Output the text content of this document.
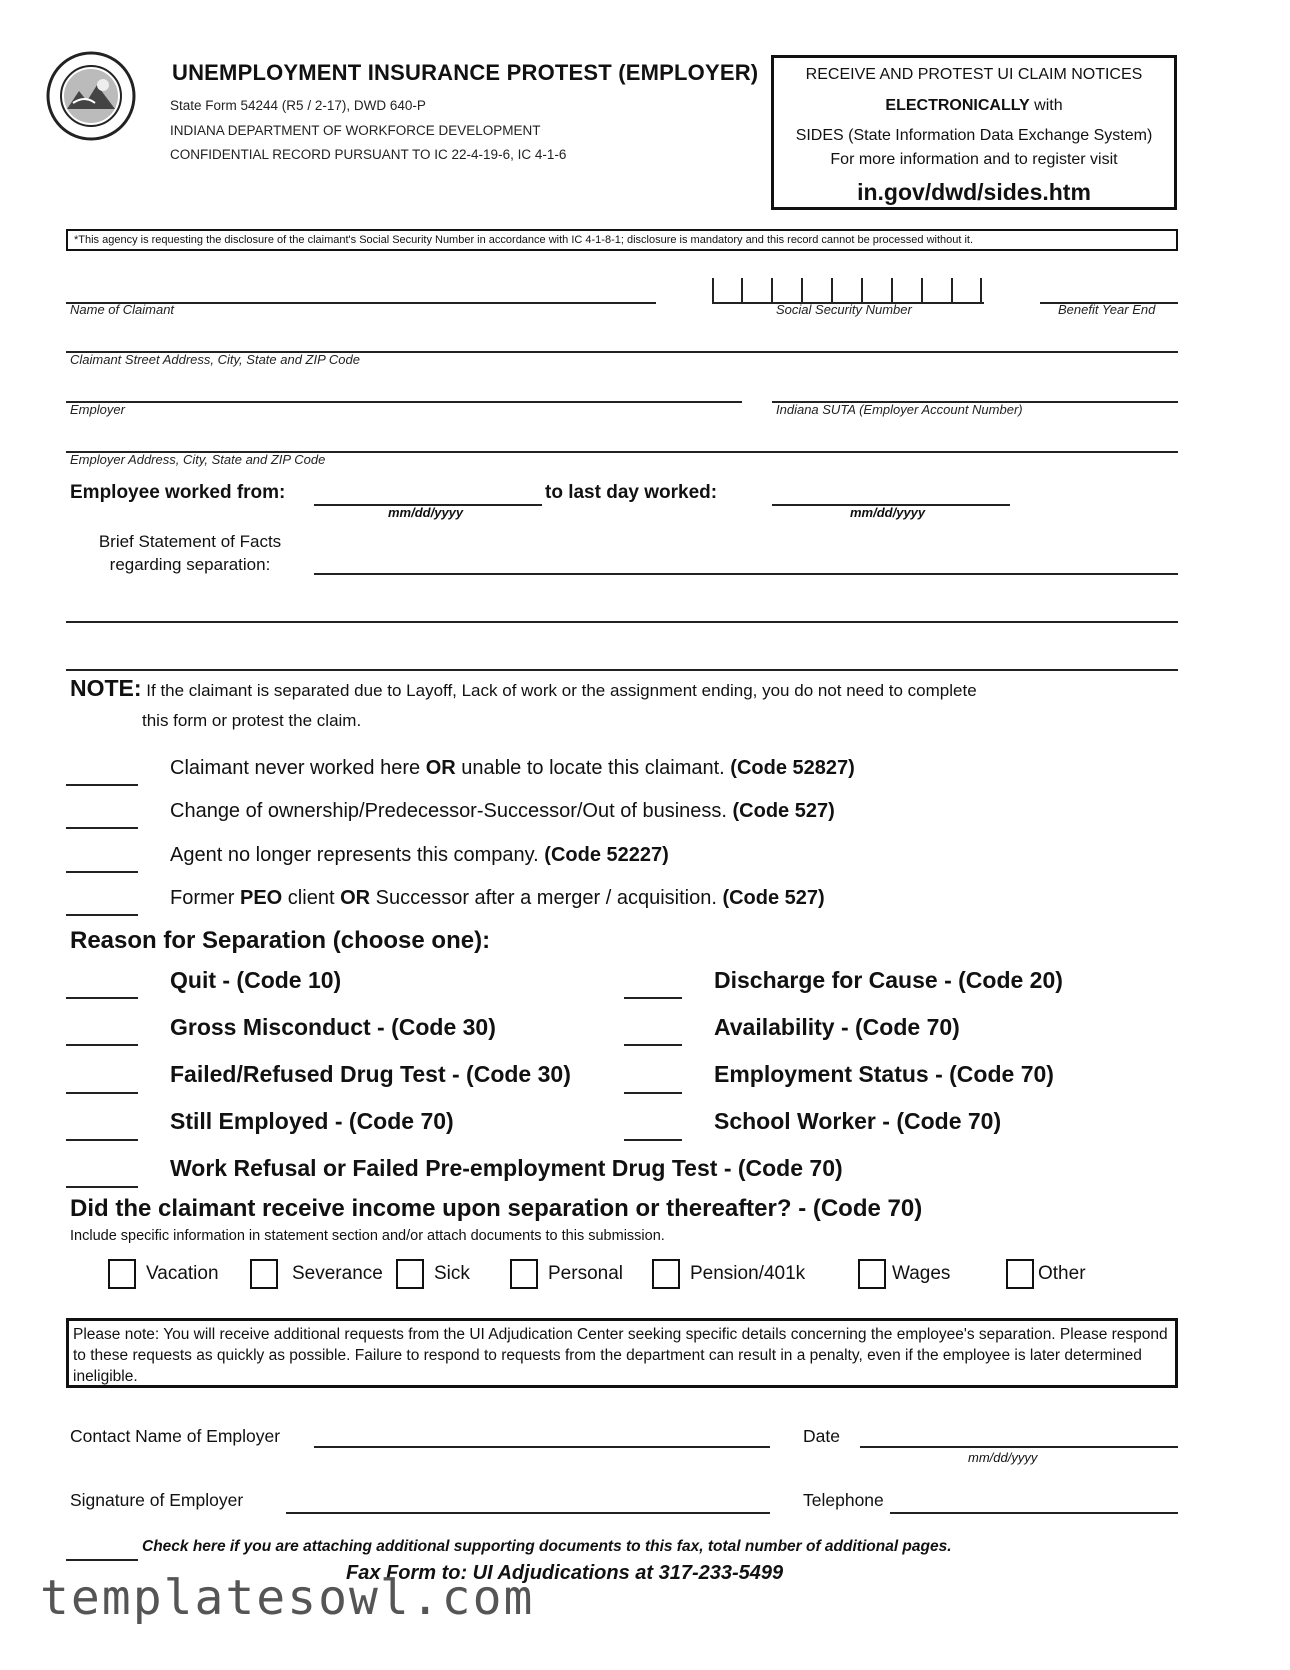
UNEMPLOYMENT INSURANCE PROTEST (EMPLOYER)
State Form 54244 (R5 / 2-17), DWD 640-P
INDIANA DEPARTMENT OF WORKFORCE DEVELOPMENT
CONFIDENTIAL RECORD PURSUANT TO IC 22-4-19-6, IC 4-1-6
RECEIVE AND PROTEST UI CLAIM NOTICES
ELECTRONICALLY with
SIDES (State Information Data Exchange System)
For more information and to register visit
in.gov/dwd/sides.htm
*This agency is requesting the disclosure of the claimant's Social Security Number in accordance with IC 4-1-8-1; disclosure is mandatory and this record cannot be processed without it.
Name of Claimant	Social Security Number	Benefit Year End
Claimant Street Address, City, State and ZIP Code
Employer	Indiana SUTA (Employer Account Number)
Employer Address, City, State and ZIP Code
Employee worked from:
mm/dd/yyyy
to last day worked:
mm/dd/yyyy
Brief Statement of Facts
regarding separation:
NOTE: If the claimant is separated due to Layoff, Lack of work or the assignment ending, you do not need to complete
this form or protest the claim.
Claimant never worked here OR unable to locate this claimant. (Code 52827)
Change of ownership/Predecessor-Successor/Out of business. (Code 527)
Agent no longer represents this company. (Code 52227)
Former PEO client OR Successor after a merger / acquisition. (Code 527)
Reason for Separation (choose one):
Quit - (Code 10)	Discharge for Cause - (Code 20)
Gross Misconduct - (Code 30)	Availability - (Code 70)
Failed/Refused Drug Test - (Code 30)	Employment Status - (Code 70)
Still Employed - (Code 70)	School Worker - (Code 70)
Work Refusal or Failed Pre-employment Drug Test - (Code 70)
Did the claimant receive income upon separation or thereafter? - (Code 70)
Include specific information in statement section and/or attach documents to this submission.
Vacation	Severance	Sick	Personal	Pension/401k	Wages	Other
Please note: You will receive additional requests from the UI Adjudication Center seeking specific details concerning the employee's separation. Please respond to these requests as quickly as possible. Failure to respond to requests from the department can result in a penalty, even if the employee is later determined ineligible.
Contact Name of Employer	Date
mm/dd/yyyy
Signature of Employer	Telephone
Check here if you are attaching additional supporting documents to this fax, total number of additional pages.
Fax Form to: UI Adjudications at 317-233-5499
templatesowl.com
